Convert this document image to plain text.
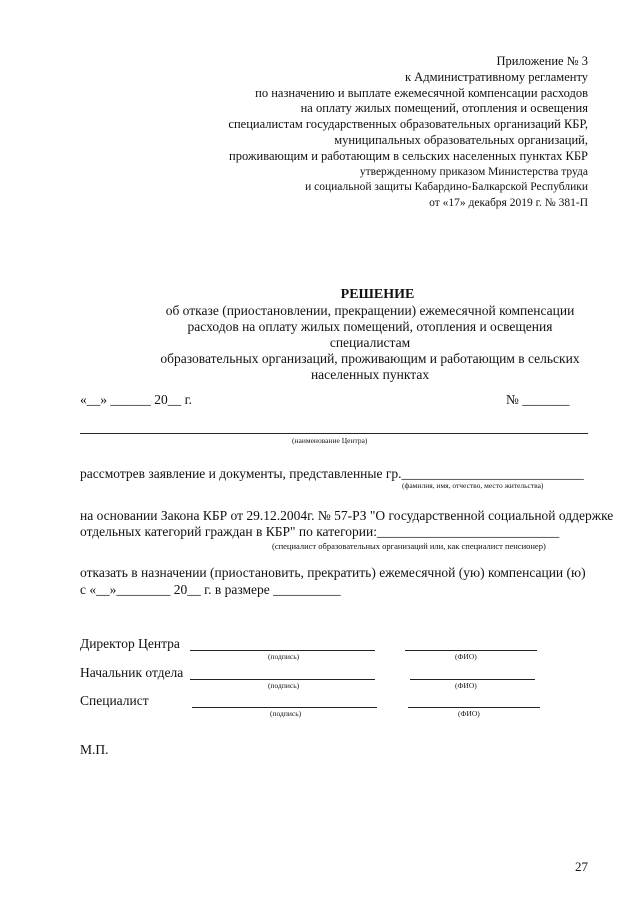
Приложение № 3
к Административному регламенту
по назначению и выплате ежемесячной компенсации расходов
на оплату жилых помещений, отопления и освещения
специалистам государственных образовательных организаций КБР,
муниципальных образовательных организаций,
проживающим и работающим в сельских населенных пунктах КБР
утвержденному приказом Министерства труда
и социальной защиты Кабардино-Балкарской Республики
от «17» декабря 2019 г. № 381-П
РЕШЕНИЕ
об отказе (приостановлении, прекращении) ежемесячной компенсации
расходов на оплату жилых помещений, отопления и освещения специалистам
образовательных организаций, проживающим и работающим в сельских
населенных пунктах
«__» ______ 20__ г.	№ _______
(наименование Центра)
рассмотрев заявление и документы, представленные гр.___________________________
(фамилия, имя, отчество, место жительства)
на основании Закона КБР от 29.12.2004г. № 57-РЗ "О государственной социальной оддержке
отдельных категорий граждан в КБР" по категории:___________________________
(специалист образовательных организаций или, как специалист пенсионер)
отказать в назначении (приостановить, прекратить) ежемесячной (ую) компенсации (ю)
с «__»________ 20__ г. в размере __________
Директор Центра
(подпись)	(ФИО)
Начальник отдела
(подпись)	(ФИО)
Специалист
(подпись)	(ФИО)
М.П.
27
